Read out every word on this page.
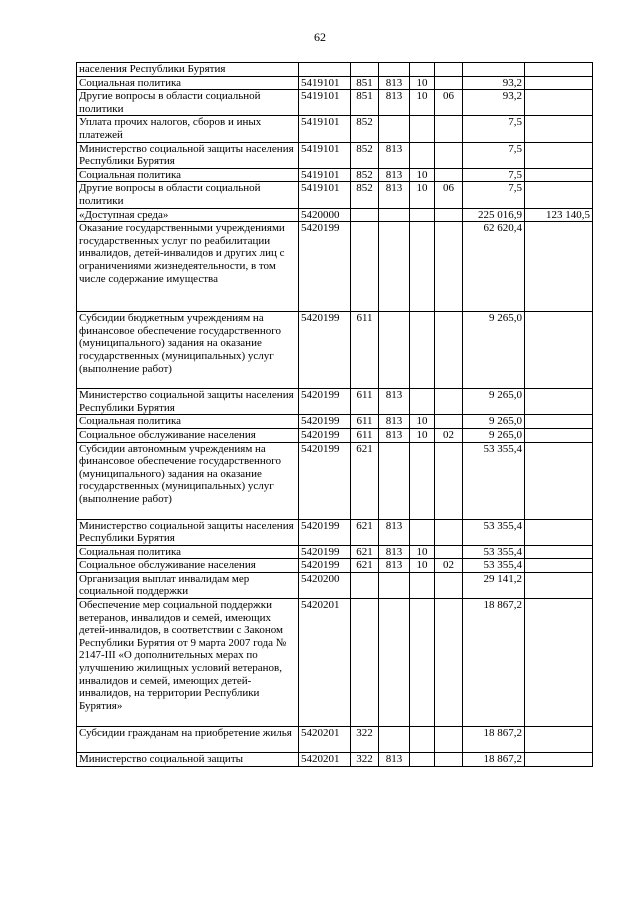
62
населения Республики Бурятия							
Социальная политика	5419101	851	813	10		93,2	
Другие вопросы в области социальной политики	5419101	851	813	10	06	93,2	
Уплата прочих налогов, сборов и иных платежей	5419101	852				7,5	
Министерство социальной защиты населения Республики Бурятия	5419101	852	813			7,5	
Социальная политика	5419101	852	813	10		7,5	
Другие вопросы в области социальной политики	5419101	852	813	10	06	7,5	
«Доступная среда»	5420000					225 016,9	123 140,5
Оказание государственными учреждениями государственных услуг по реабилитации инвалидов, детей-инвалидов и других лиц с ограничениями жизнедеятельности, в том числе содержание имущества	5420199					62 620,4	
Субсидии бюджетным учреждениям на финансовое обеспечение государственного (муниципального) задания на оказание государственных (муниципальных) услуг (выполнение работ)	5420199	611				9 265,0	
Министерство социальной защиты населения Республики Бурятия	5420199	611	813			9 265,0	
Социальная политика	5420199	611	813	10		9 265,0	
Социальное обслуживание населения	5420199	611	813	10	02	9 265,0	
Субсидии автономным учреждениям на финансовое обеспечение государственного (муниципального) задания на оказание государственных (муниципальных) услуг (выполнение работ)	5420199	621				53 355,4	
Министерство социальной защиты населения Республики Бурятия	5420199	621	813			53 355,4	
Социальная политика	5420199	621	813	10		53 355,4	
Социальное обслуживание населения	5420199	621	813	10	02	53 355,4	
Организация выплат инвалидам мер социальной поддержки	5420200					29 141,2	
Обеспечение мер социальной поддержки ветеранов, инвалидов и семей, имеющих детей-инвалидов, в соответствии с Законом Республики Бурятия от 9 марта 2007 года № 2147-III «О дополнительных мерах по улучшению жилищных условий ветеранов, инвалидов и семей, имеющих детей-инвалидов, на территории Республики Бурятия»	5420201					18 867,2	
Субсидии гражданам на приобретение жилья	5420201	322				18 867,2	
Министерство социальной защиты	5420201	322	813			18 867,2	
